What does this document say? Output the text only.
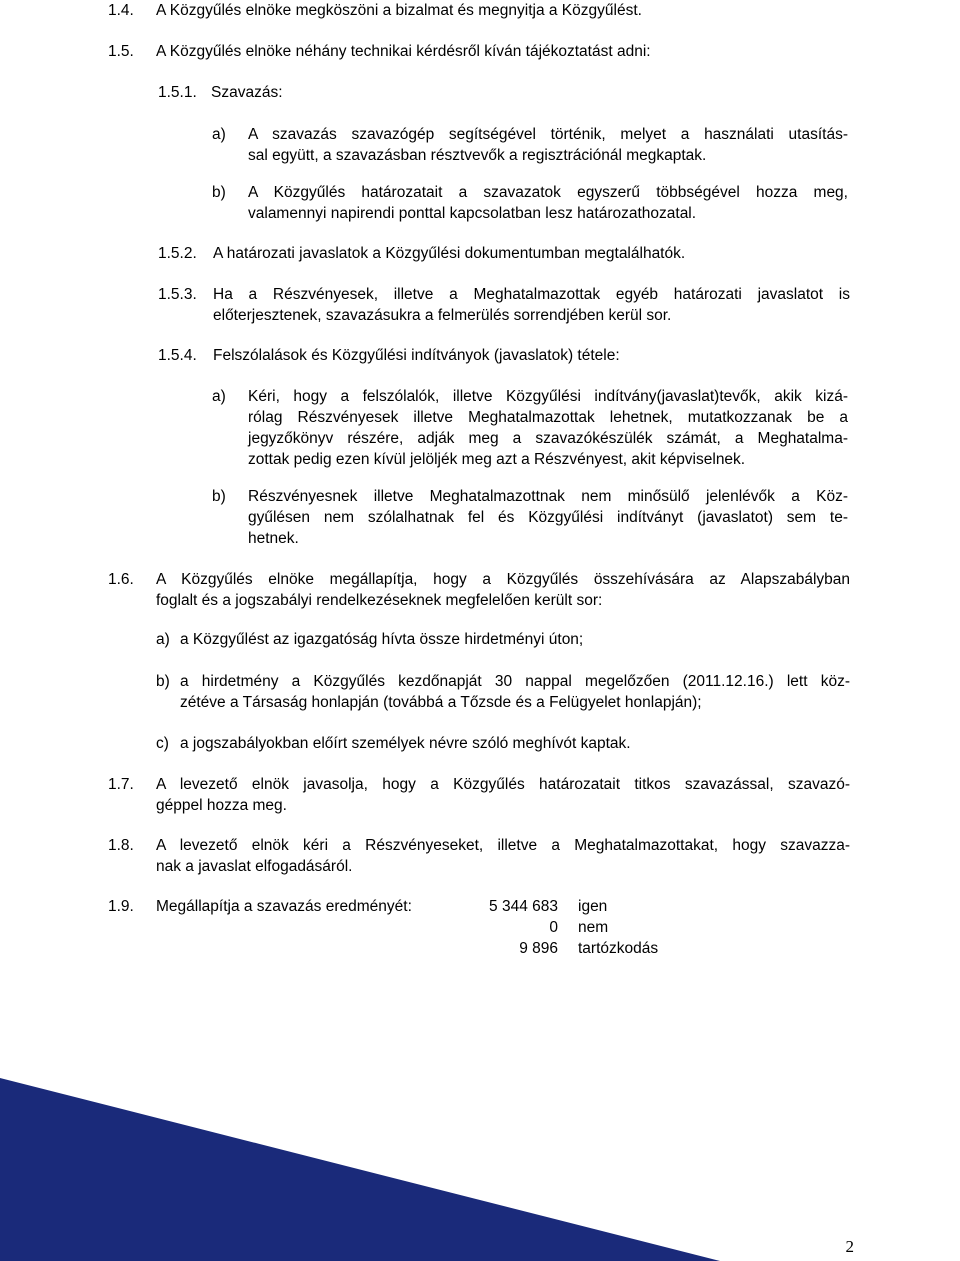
1.4. A Közgyűlés elnöke megköszöni a bizalmat és megnyitja a Közgyűlést.
1.5. A Közgyűlés elnöke néhány technikai kérdésről kíván tájékoztatást adni:
1.5.1. Szavazás:
a) A szavazás szavazógép segítségével történik, melyet a használati utasítás-
sal együtt, a szavazásban résztvevők a regisztrációnál megkaptak.
b) A Közgyűlés határozatait a szavazatok egyszerű többségével hozza meg,
valamennyi napirendi ponttal kapcsolatban lesz határozathozatal.
1.5.2. A határozati javaslatok a Közgyűlési dokumentumban megtalálhatók.
1.5.3. Ha a Részvényesek, illetve a Meghatalmazottak egyéb határozati javaslatot is
előterjesztenek, szavazásukra a felmerülés sorrendjében kerül sor.
1.5.4. Felszólalások és Közgyűlési indítványok (javaslatok) tétele:
a) Kéri, hogy a felszólalók, illetve Közgyűlési indítvány(javaslat)tevők, akik kizá-
rólag Részvényesek illetve Meghatalmazottak lehetnek, mutatkozzanak be a
jegyzőkönyv részére, adják meg a szavazókészülék számát, a Meghatalma-
zottak pedig ezen kívül jelöljék meg azt a Részvényest, akit képviselnek.
b) Részvényesnek illetve Meghatalmazottnak nem minősülő jelenlévők a Köz-
gyűlésen nem szólalhatnak fel és Közgyűlési indítványt (javaslatot) sem te-
hetnek.
1.6. A Közgyűlés elnöke megállapítja, hogy a Közgyűlés összehívására az Alapszabályban
foglalt és a jogszabályi rendelkezéseknek megfelelően került sor:
a) a Közgyűlést az igazgatóság hívta össze hirdetményi úton;
b) a hirdetmény a Közgyűlés kezdőnapját 30 nappal megelőzően (2011.12.16.) lett köz-
zétéve a Társaság honlapján (továbbá a Tőzsde és a Felügyelet honlapján);
c) a jogszabályokban előírt személyek névre szóló meghívót kaptak.
1.7. A levezető elnök javasolja, hogy a Közgyűlés határozatait titkos szavazással, szavazó-
géppel hozza meg.
1.8. A levezető elnök kéri a Részvényeseket, illetve a Meghatalmazottakat, hogy szavazza-
nak a javaslat elfogadásáról.
1.9. Megállapítja a szavazás eredményét:	5 344 683 igen
0 nem
9 896 tartózkodás
2
